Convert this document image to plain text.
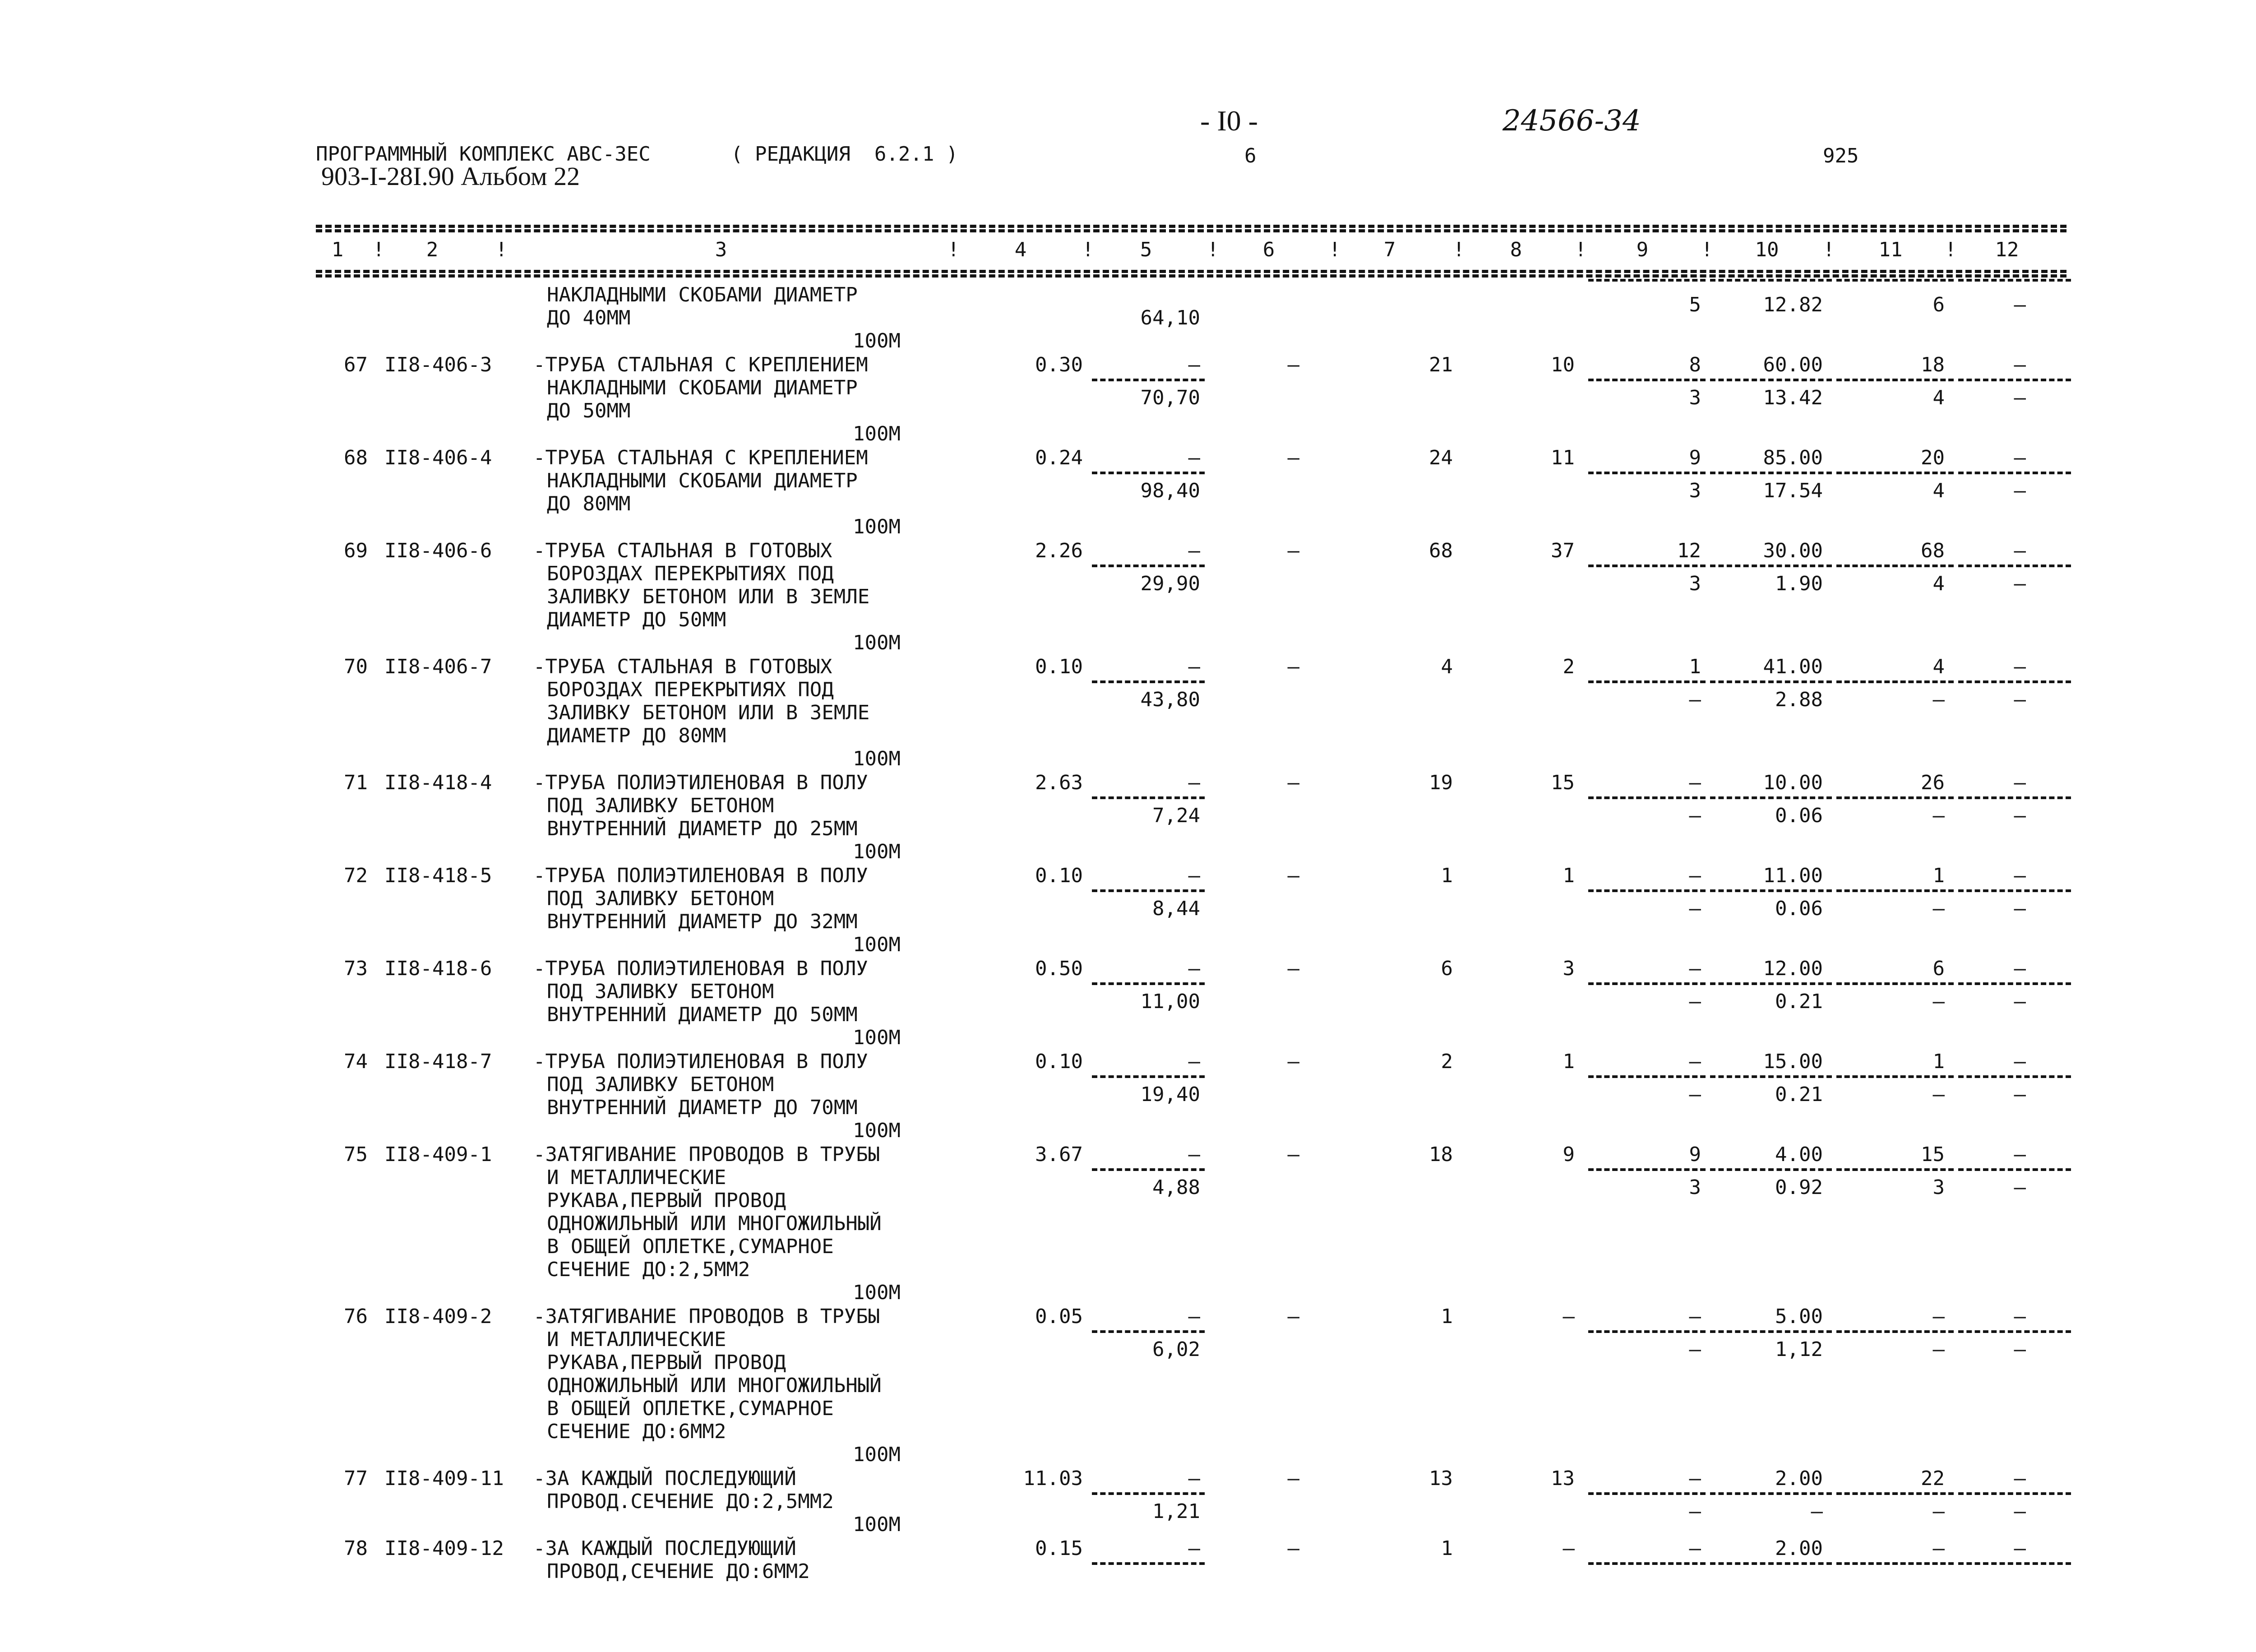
- I0 -	24566-34
ПРОГРАММНЫЙ КОМПЛЕКС АВС-3ЕС	( РЕДАКЦИЯ  6.2.1 )	6	925
903-I-28I.90 Альбом 22
1	2	3	4	5	6	7	8	9	10	11	12
!	!	!	!	!	!	!	!	!	!	!
НАКЛАДНЫМИ СКОБАМИ ДИАМЕТР
ДО 40ММ	64,10
5	12.82	6	–
100М
67 II8-406-3 -ТРУБА СТАЛЬНАЯ С КРЕПЛЕНИЕМ
НАКЛАДНЫМИ СКОБАМИ ДИАМЕТР
ДО 50ММ
0.30	–	–	21	10	8	60.00	18	–
70,70	3	13.42	4	–
100М
68 II8-406-4 -ТРУБА СТАЛЬНАЯ С КРЕПЛЕНИЕМ
НАКЛАДНЫМИ СКОБАМИ ДИАМЕТР
ДО 80ММ
0.24	–	–	24	11	9	85.00	20	–
98,40	3	17.54	4	–
100М
69 II8-406-6 -ТРУБА СТАЛЬНАЯ В ГОТОВЫХ
БОРОЗДАХ ПЕРЕКРЫТИЯХ ПОД
ЗАЛИВКУ БЕТОНОМ ИЛИ В ЗЕМЛЕ
ДИАМЕТР ДО 50ММ
2.26	–	–	68	37	12	30.00	68	–
29,90	3	1.90	4	–
100М
70 II8-406-7 -ТРУБА СТАЛЬНАЯ В ГОТОВЫХ
БОРОЗДАХ ПЕРЕКРЫТИЯХ ПОД
ЗАЛИВКУ БЕТОНОМ ИЛИ В ЗЕМЛЕ
ДИАМЕТР ДО 80ММ
0.10	–	–	4	2	1	41.00	4	–
43,80	–	2.88	–	–
100М
71 II8-418-4 -ТРУБА ПОЛИЭТИЛЕНОВАЯ В ПОЛУ
ПОД ЗАЛИВКУ БЕТОНОМ
ВНУТРЕННИЙ ДИАМЕТР ДО 25ММ
2.63	–	–	19	15	–	10.00	26	–
7,24	–	0.06	–	–
100М
72 II8-418-5 -ТРУБА ПОЛИЭТИЛЕНОВАЯ В ПОЛУ
ПОД ЗАЛИВКУ БЕТОНОМ
ВНУТРЕННИЙ ДИАМЕТР ДО 32ММ
0.10	–	–	1	1	–	11.00	1	–
8,44	–	0.06	–	–
100М
73 II8-418-6 -ТРУБА ПОЛИЭТИЛЕНОВАЯ В ПОЛУ
ПОД ЗАЛИВКУ БЕТОНОМ
ВНУТРЕННИЙ ДИАМЕТР ДО 50ММ
0.50	–	–	6	3	–	12.00	6	–
11,00	–	0.21	–	–
100М
74 II8-418-7 -ТРУБА ПОЛИЭТИЛЕНОВАЯ В ПОЛУ
ПОД ЗАЛИВКУ БЕТОНОМ
ВНУТРЕННИЙ ДИАМЕТР ДО 70ММ
0.10	–	–	2	1	–	15.00	1	–
19,40	–	0.21	–	–
100М
75 II8-409-1 -ЗАТЯГИВАНИЕ ПРОВОДОВ В ТРУБЫ
И МЕТАЛЛИЧЕСКИЕ
РУКАВА,ПЕРВЫЙ ПРОВОД
ОДНОЖИЛЬНЫЙ ИЛИ МНОГОЖИЛЬНЫЙ
В ОБЩЕЙ ОПЛЕТКЕ,СУМАРНОЕ
СЕЧЕНИЕ ДО:2,5ММ2
3.67	–	–	18	9	9	4.00	15	–
4,88	3	0.92	3	–
100М
76 II8-409-2 -ЗАТЯГИВАНИЕ ПРОВОДОВ В ТРУБЫ
И МЕТАЛЛИЧЕСКИЕ
РУКАВА,ПЕРВЫЙ ПРОВОД
ОДНОЖИЛЬНЫЙ ИЛИ МНОГОЖИЛЬНЫЙ
В ОБЩЕЙ ОПЛЕТКЕ,СУМАРНОЕ
СЕЧЕНИЕ ДО:6ММ2
0.05	–	–	1	–	–	5.00	–	–
6,02	–	1,12	–	–
100М
77 II8-409-11 -ЗА КАЖДЫЙ ПОСЛЕДУЮЩИЙ
ПРОВОД.СЕЧЕНИЕ ДО:2,5ММ2
11.03	–	–	13	13	–	2.00	22	–
1,21	–	–	–	–
100М
78 II8-409-12 -ЗА КАЖДЫЙ ПОСЛЕДУЮЩИЙ
ПРОВОД,СЕЧЕНИЕ ДО:6ММ2
0.15	–	–	1	–	–	2.00	–	–
